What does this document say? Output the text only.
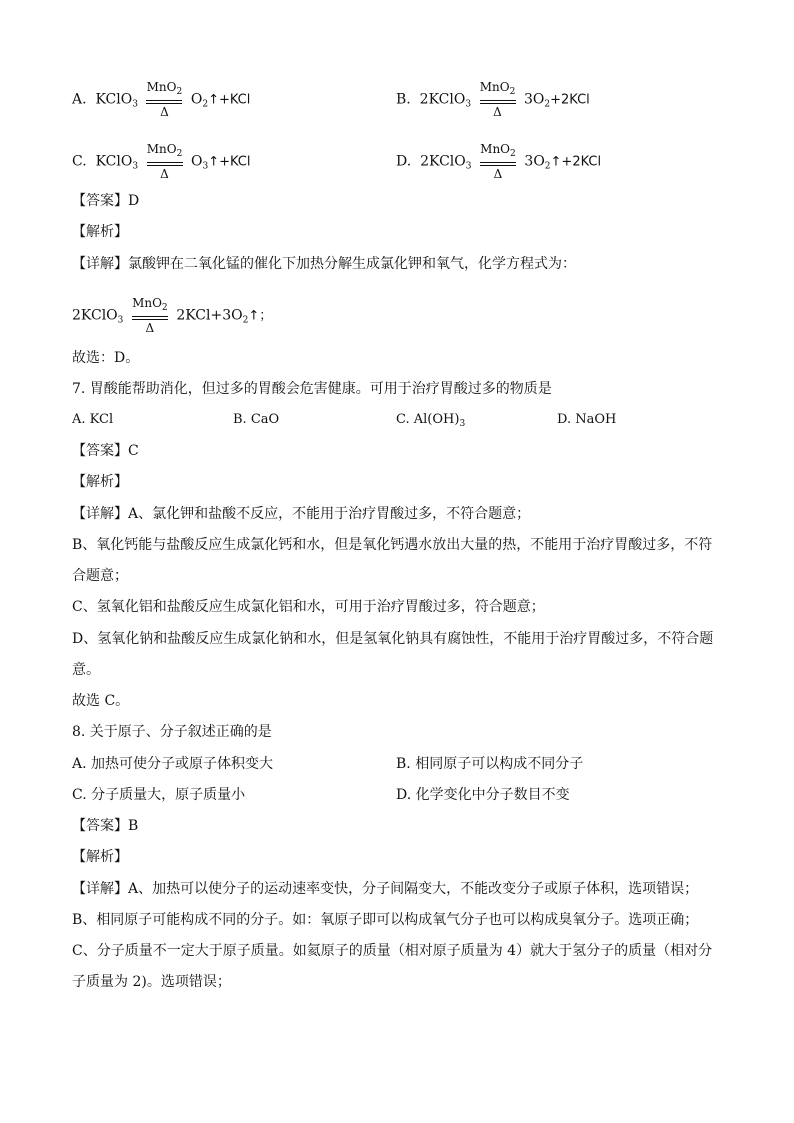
A. KClO$_3$ $\frac{MnO_2}{\Delta}$ $O_2↑+KCl$	B. 2KClO$_3$ $\frac{MnO_2}{\Delta} 3O_2+2KCl$
C. KClO$_3$ $\frac{MnO_2}{\Delta}$ $O_3↑+KCl$	D. 2KClO$_3$ $\frac{MnO_2}{\Delta}$ $3O_2↑+2KCl$
【答案】D
【解析】
【详解】氯酸钾在二氧化锰的催化下加热分解生成氯化钾和氧气，化学方程式为：
2KClO$_3$ $\frac{MnO_2}{\Delta}$ $2KCl+3O_2↑$；
故选：D。
7. 胃酸能帮助消化，但过多的胃酸会危害健康。可用于治疗胃酸过多的物质是
A. KCl	B. CaO	C. $Al(OH)_3$	D. NaOH
【答案】C
【解析】
【详解】A、氯化钾和盐酸不反应，不能用于治疗胃酸过多，不符合题意；
B、氧化钙能与盐酸反应生成氯化钙和水，但是氧化钙遇水放出大量的热，不能用于治疗胃酸过多，不符
合题意；
C、氢氧化铝和盐酸反应生成氯化铝和水，可用于治疗胃酸过多，符合题意；
D、氢氧化钠和盐酸反应生成氯化钠和水，但是氢氧化钠具有腐蚀性，不能用于治疗胃酸过多，不符合题
意。
故选 C。
8. 关于原子、分子叙述正确的是
A. 加热可使分子或原子体积变大	B. 相同原子可以构成不同分子
C. 分子质量大，原子质量小	D. 化学变化中分子数目不变
【答案】B
【解析】
【详解】A、加热可以使分子的运动速率变快，分子间隔变大，不能改变分子或原子体积，选项错误；
B、相同原子可能构成不同的分子。如：氧原子即可以构成氧气分子也可以构成臭氧分子。选项正确；
C、分子质量不一定大于原子质量。如氦原子的质量（相对原子质量为 4）就大于氢分子的质量（相对分
子质量为 2)。选项错误；
